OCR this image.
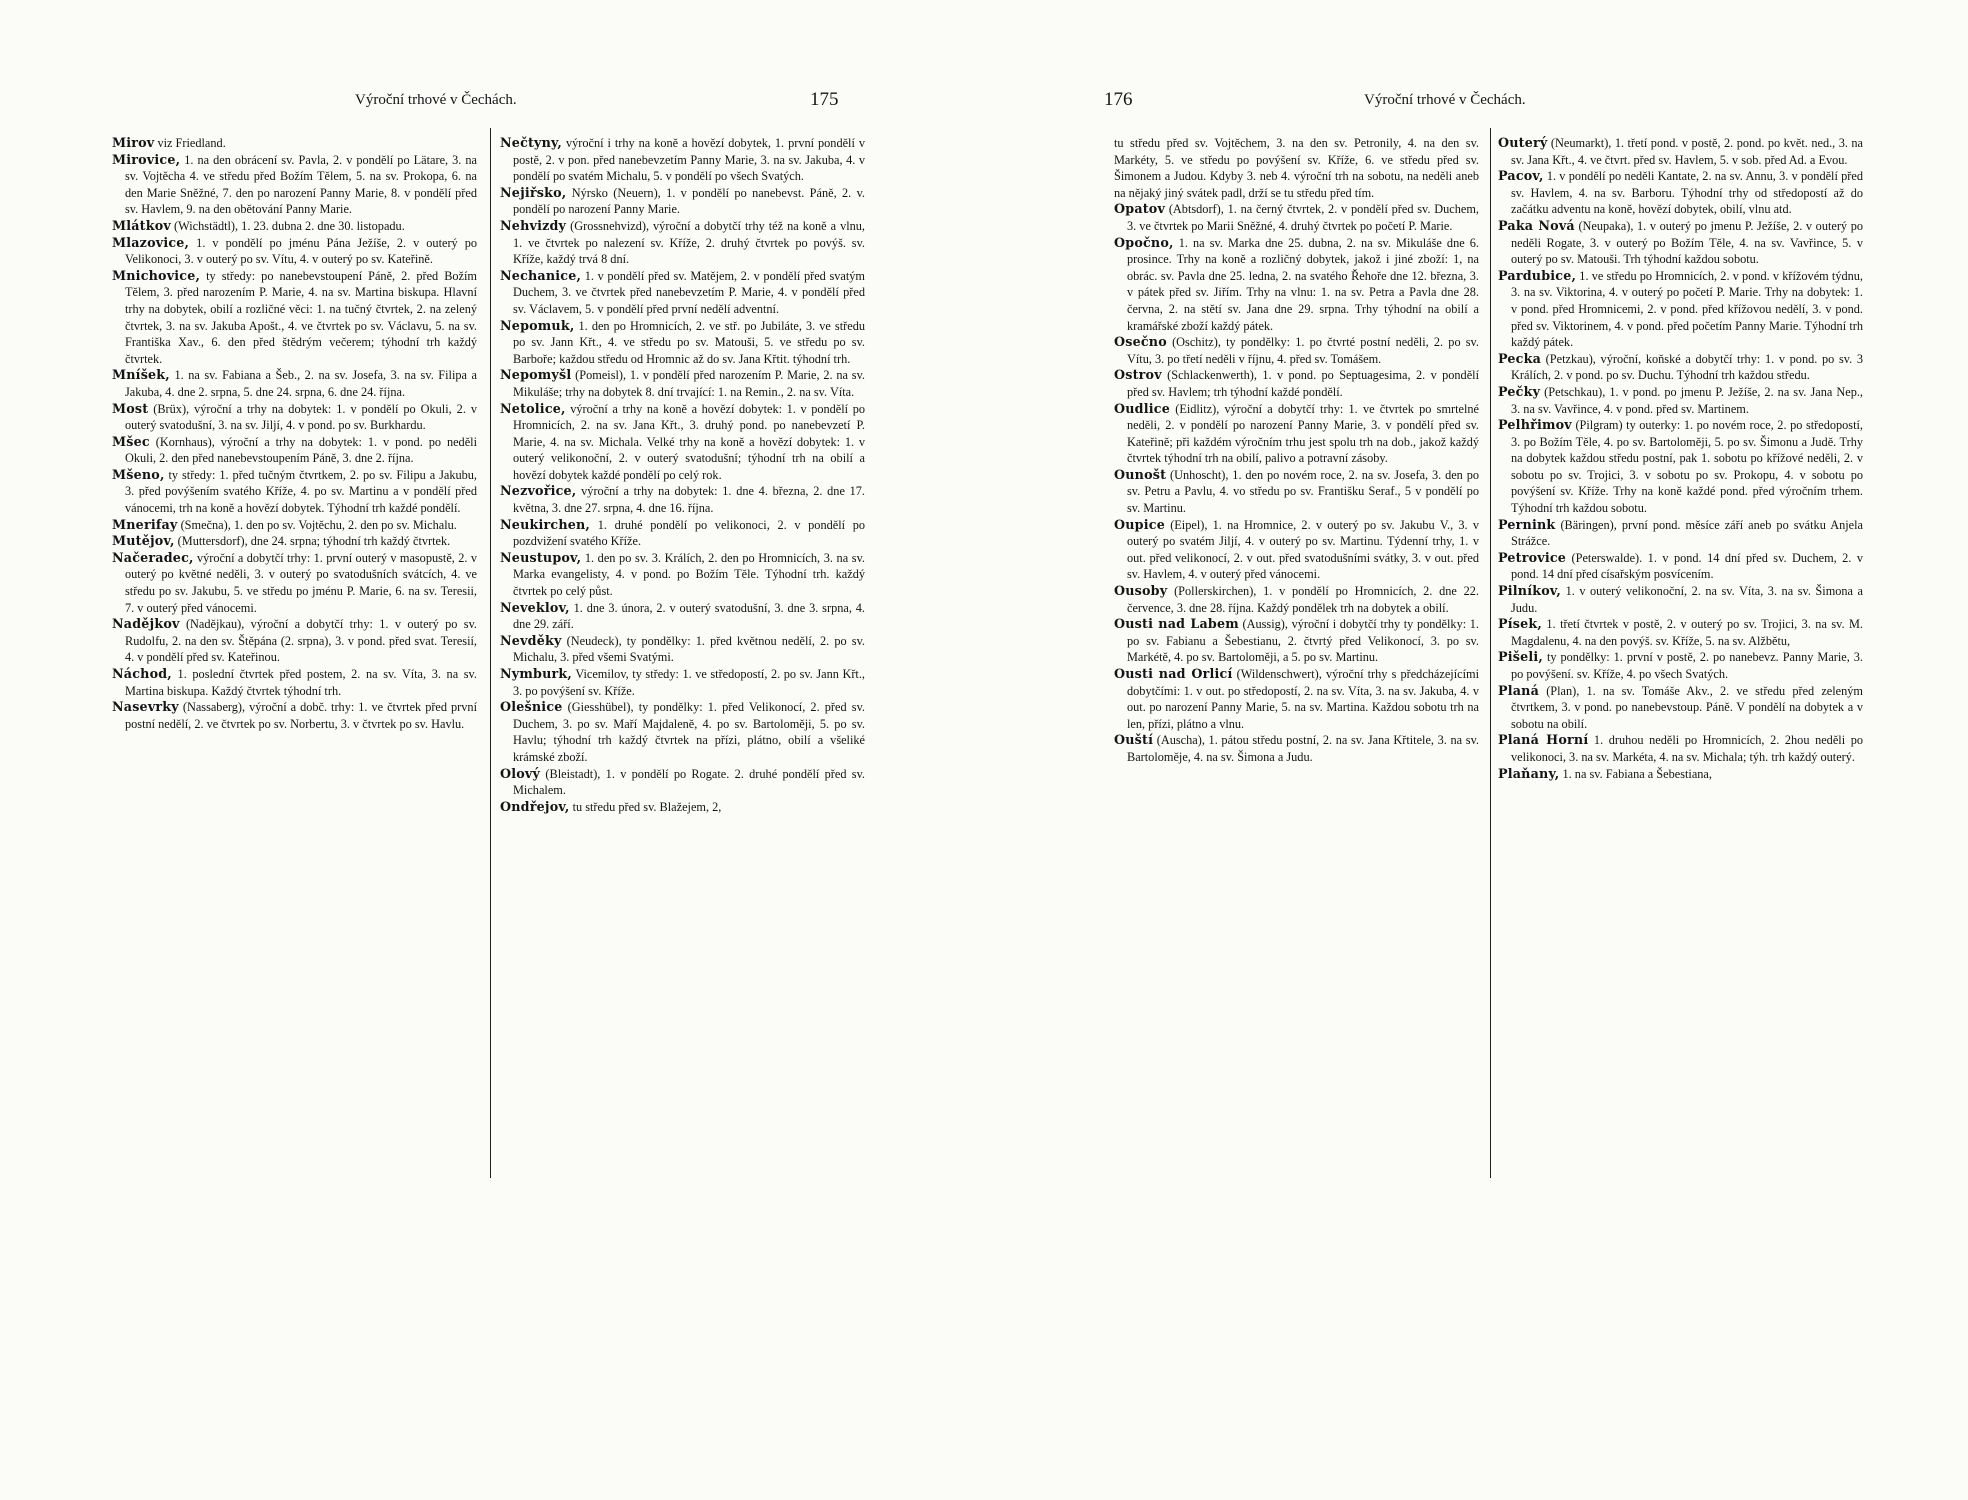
Výroční trhové v Čechách.	175

Mirov viz Friedland.

Mirovice, 1. na den obrácení sv. Pavla, 2. v pondělí po Lätare, 3. na sv. Vojtěcha 4. ve středu před Božím Tělem, 5. na sv. Prokopa, 6. na den Marie Sněžné, 7. den po narození Panny Marie, 8. v pondělí před sv. Havlem, 9. na den obětování Panny Marie.

Mlátkov (Wichstädtl), 1. 23. dubna 2. dne 30. listopadu.

Mlazovice, 1. v pondělí po jménu Pána Ježíše, 2. v outerý po Velikonoci, 3. v outerý po sv. Vítu, 4. v outerý po sv. Kateřině.

Mnichovice, ty středy: po nanebevstoupení Páně, 2. před Božím Tělem, 3. před narozením P. Marie, 4. na sv. Martina biskupa. Hlavní trhy na dobytek, obilí a rozličné věci: 1. na tučný čtvrtek, 2. na zelený čtvrtek, 3. na sv. Jakuba Apošt., 4. ve čtvrtek po sv. Václavu, 5. na sv. Františka Xav., 6. den před štědrým večerem; týhodní trh každý čtvrtek.

Mníšek, 1. na sv. Fabiana a Šeb., 2. na sv. Josefa, 3. na sv. Filipa a Jakuba, 4. dne 2. srpna, 5. dne 24. srpna, 6. dne 24. října.

Most (Brüx), výroční a trhy na dobytek: 1. v pondělí po Okuli, 2. v outerý svatodušní, 3. na sv. Jiljí, 4. v pond. po sv. Burkhardu.

Mšec (Kornhaus), výroční a trhy na dobytek: 1. v pond. po neděli Okuli, 2. den před nanebevstoupením Páně, 3. dne 2. října.

Mšeno, ty středy: 1. před tučným čtvrtkem, 2. po sv. Filipu a Jakubu, 3. před povýšením svatého Kříže, 4. po sv. Martinu a v pondělí před vánocemi, trh na koně a hovězí dobytek. Týhodní trh každé pondělí.

Mnerifay (Smečna), 1. den po sv. Vojtěchu, 2. den po sv. Michalu.

Mutějov, (Muttersdorf), dne 24. srpna; týhodní trh každý čtvrtek.

Načeradec, výroční a dobytčí trhy: 1. první outerý v masopustě, 2. v outerý po květné neděli, 3. v outerý po svatodušních svátcích, 4. ve středu po sv. Jakubu, 5. ve středu po jménu P. Marie, 6. na sv. Teresii, 7. v outerý před vánocemi.

Nadějkov (Nadějkau), výroční a dobytčí trhy: 1. v outerý po sv. Rudolfu, 2. na den sv. Štěpána (2. srpna), 3. v pond. před svat. Teresií, 4. v pondělí před sv. Kateřinou.

Náchod, 1. poslední čtvrtek před postem, 2. na sv. Víta, 3. na sv. Martina biskupa. Každý čtvrtek týhodní trh.

Nasevrky (Nassaberg), výroční a dobč. trhy: 1. ve čtvrtek před první postní nedělí, 2. ve čtvrtek po sv. Norbertu, 3. v čtvrtek po sv. Havlu.

Nečtyny, výroční i trhy na koně a hovězí dobytek, 1. první pondělí v postě, 2. v pon. před nanebevzetím Panny Marie, 3. na sv. Jakuba, 4. v pondělí po svatém Michalu, 5. v pondělí po všech Svatých.

Nejiřsko, Nýrsko (Neuern), 1. v pondělí po nanebevst. Páně, 2. v. pondělí po narození Panny Marie.

Nehvizdy (Grossnehvizd), výroční a dobytčí trhy též na koně a vlnu, 1. ve čtvrtek po nalezení sv. Kříže, 2. druhý čtvrtek po povýš. sv. Kříže, každý trvá 8 dní.

Nechanice, 1. v pondělí před sv. Matějem, 2. v pondělí před svatým Duchem, 3. ve čtvrtek před nanebevzetím P. Marie, 4. v pondělí před sv. Václavem, 5. v pondělí před první nedělí adventní.

Nepomuk, 1. den po Hromnicích, 2. ve stř. po Jubiláte, 3. ve středu po sv. Jann Křt., 4. ve středu po sv. Matouši, 5. ve středu po sv. Barboře; každou středu od Hromnic až do sv. Jana Křtit. týhodní trh.

Nepomyšl (Pomeisl), 1. v pondělí před narozením P. Marie, 2. na sv. Mikuláše; trhy na dobytek 8. dní trvající: 1. na Remin., 2. na sv. Víta.

Netolice, výroční a trhy na koně a hovězí dobytek: 1. v pondělí po Hromnicích, 2. na sv. Jana Křt., 3. druhý pond. po nanebevzetí P. Marie, 4. na sv. Michala. Velké trhy na koně a hovězí dobytek: 1. v outerý velikonoční, 2. v outerý svatodušní; týhodní trh na obilí a hovězí dobytek každé pondělí po celý rok.

Nezvořice, výroční a trhy na dobytek: 1. dne 4. března, 2. dne 17. května, 3. dne 27. srpna, 4. dne 16. října.

Neukirchen, 1. druhé pondělí po velikonoci, 2. v pondělí po pozdvižení svatého Kříže.

Neustupov, 1. den po sv. 3. Králích, 2. den po Hromnicích, 3. na sv. Marka evangelisty, 4. v pond. po Božím Těle. Týhodní trh. každý čtvrtek po celý půst.

Neveklov, 1. dne 3. února, 2. v outerý svatodušní, 3. dne 3. srpna, 4. dne 29. září.

Nevděky (Neudeck), ty pondělky: 1. před květnou nedělí, 2. po sv. Michalu, 3. před všemi Svatými.

Nymburk, Vicemilov, ty středy: 1. ve středopostí, 2. po sv. Jann Křt., 3. po povýšení sv. Kříže.

Olešnice (Giesshübel), ty pondělky: 1. před Velikonocí, 2. před sv. Duchem, 3. po sv. Maří Majdaleně, 4. po sv. Bartoloměji, 5. po sv. Havlu; týhodní trh každý čtvrtek na přízi, plátno, obilí a všeliké krámské zboží.

Olový (Bleistadt), 1. v pondělí po Rogate. 2. druhé pondělí před sv. Michalem.

Ondřejov, tu středu před sv. Blažejem, 2,

176	Výroční trhové v Čechách.

tu středu před sv. Vojtěchem, 3. na den sv. Petronily, 4. na den sv. Markéty, 5. ve středu po povýšení sv. Kříže, 6. ve středu před sv. Šimonem a Judou. Kdyby 3. neb 4. výroční trh na sobotu, na neděli aneb na nějaký jiný svátek padl, drží se tu středu před tím.

Opatov (Abtsdorf), 1. na černý čtvrtek, 2. v pondělí před sv. Duchem, 3. ve čtvrtek po Marii Sněžné, 4. druhý čtvrtek po početí P. Marie.

Opočno, 1. na sv. Marka dne 25. dubna, 2. na sv. Mikuláše dne 6. prosince. Trhy na koně a rozličný dobytek, jakož i jiné zboží: 1, na obrác. sv. Pavla dne 25. ledna, 2. na svatého Řehoře dne 12. března, 3. v pátek před sv. Jiřím. Trhy na vlnu: 1. na sv. Petra a Pavla dne 28. června, 2. na stětí sv. Jana dne 29. srpna. Trhy týhodní na obilí a kramářské zboží každý pátek.

Osečno (Oschitz), ty pondělky: 1. po čtvrté postní neděli, 2. po sv. Vítu, 3. po třetí neděli v říjnu, 4. před sv. Tomášem.

Ostrov (Schlackenwerth), 1. v pond. po Septuagesima, 2. v pondělí před sv. Havlem; trh týhodní každé pondělí.

Oudlice (Eidlitz), výroční a dobytčí trhy: 1. ve čtvrtek po smrtelné neděli, 2. v pondělí po narození Panny Marie, 3. v pondělí před sv. Kateřině; při každém výročním trhu jest spolu trh na dob., jakož každý čtvrtek týhodní trh na obilí, palivo a potravní zásoby.

Ounošt (Unhoscht), 1. den po novém roce, 2. na sv. Josefa, 3. den po sv. Petru a Pavlu, 4. vo středu po sv. Františku Seraf., 5 v pondělí po sv. Martinu.

Oupice (Eipel), 1. na Hromnice, 2. v outerý po sv. Jakubu V., 3. v outerý po svatém Jiljí, 4. v outerý po sv. Martinu. Týdenní trhy, 1. v out. před velikonocí, 2. v out. před svatodušními svátky, 3. v out. před sv. Havlem, 4. v outerý před vánocemi.

Ousoby (Pollerskirchen), 1. v pondělí po Hromnicích, 2. dne 22. července, 3. dne 28. října. Každý pondělek trh na dobytek a obilí.

Ousti nad Labem (Aussig), výroční i dobytčí trhy ty pondělky: 1. po sv. Fabianu a Šebestianu, 2. čtvrtý před Velikonocí, 3. po sv. Markétě, 4. po sv. Bartoloměji, a 5. po sv. Martinu.

Ousti nad Orlicí (Wildenschwert), výroční trhy s předcházejícími dobytčími: 1. v out. po středopostí, 2. na sv. Víta, 3. na sv. Jakuba, 4. v out. po narození Panny Marie, 5. na sv. Martina. Každou sobotu trh na len, přízi, plátno a vlnu.

Ouští (Auscha), 1. pátou středu postní, 2. na sv. Jana Křtitele, 3. na sv. Bartoloměje, 4. na sv. Šimona a Judu.

Outerý (Neumarkt), 1. třetí pond. v postě, 2. pond. po květ. ned., 3. na sv. Jana Křt., 4. ve čtvrt. před sv. Havlem, 5. v sob. před Ad. a Evou.

Pacov, 1. v pondělí po neděli Kantate, 2. na sv. Annu, 3. v pondělí před sv. Havlem, 4. na sv. Barboru. Týhodní trhy od středopostí až do začátku adventu na koně, hovězí dobytek, obilí, vlnu atd.

Paka Nová (Neupaka), 1. v outerý po jmenu P. Ježíše, 2. v outerý po neděli Rogate, 3. v outerý po Božím Těle, 4. na sv. Vavřince, 5. v outerý po sv. Matouši. Trh týhodní každou sobotu.

Pardubice, 1. ve středu po Hromnicích, 2. v pond. v křížovém týdnu, 3. na sv. Viktorina, 4. v outerý po početí P. Marie. Trhy na dobytek: 1. v pond. před Hromnicemi, 2. v pond. před křížovou nedělí, 3. v pond. před sv. Viktorinem, 4. v pond. před početím Panny Marie. Týhodní trh každý pátek.

Pecka (Petzkau), výroční, koňské a dobytčí trhy: 1. v pond. po sv. 3 Králích, 2. v pond. po sv. Duchu. Týhodní trh každou středu.

Pečky (Petschkau), 1. v pond. po jmenu P. Ježíše, 2. na sv. Jana Nep., 3. na sv. Vavřince, 4. v pond. před sv. Martinem.

Pelhřimov (Pilgram) ty outerky: 1. po novém roce, 2. po středopostí, 3. po Božím Těle, 4. po sv. Bartoloměji, 5. po sv. Šimonu a Judě. Trhy na dobytek každou středu postní, pak 1. sobotu po křížové neděli, 2. v sobotu po sv. Trojici, 3. v sobotu po sv. Prokopu, 4. v sobotu po povýšení sv. Kříže. Trhy na koně každé pond. před výročním trhem. Týhodní trh každou sobotu.

Pernink (Bäringen), první pond. měsíce září aneb po svátku Anjela Strážce.

Petrovice (Peterswalde). 1. v pond. 14 dní před sv. Duchem, 2. v pond. 14 dní před císařským posvícením.

Pilníkov, 1. v outerý velikonoční, 2. na sv. Víta, 3. na sv. Šimona a Judu.

Písek, 1. třetí čtvrtek v postě, 2. v outerý po sv. Trojici, 3. na sv. M. Magdalenu, 4. na den povýš. sv. Kříže, 5. na sv. Alžbětu,

Pišeli, ty pondělky: 1. první v postě, 2. po nanebevz. Panny Marie, 3. po povýšení. sv. Kříže, 4. po všech Svatých.

Planá (Plan), 1. na sv. Tomáše Akv., 2. ve středu před zeleným čtvrtkem, 3. v pond. po nanebevstoup. Páně. V pondělí na dobytek a v sobotu na obilí.

Planá Horní 1. druhou neděli po Hromnicích, 2. 2hou neděli po velikonoci, 3. na sv. Markéta, 4. na sv. Michala; týh. trh každý outerý.

Plaňany, 1. na sv. Fabiana a Šebestiana,
